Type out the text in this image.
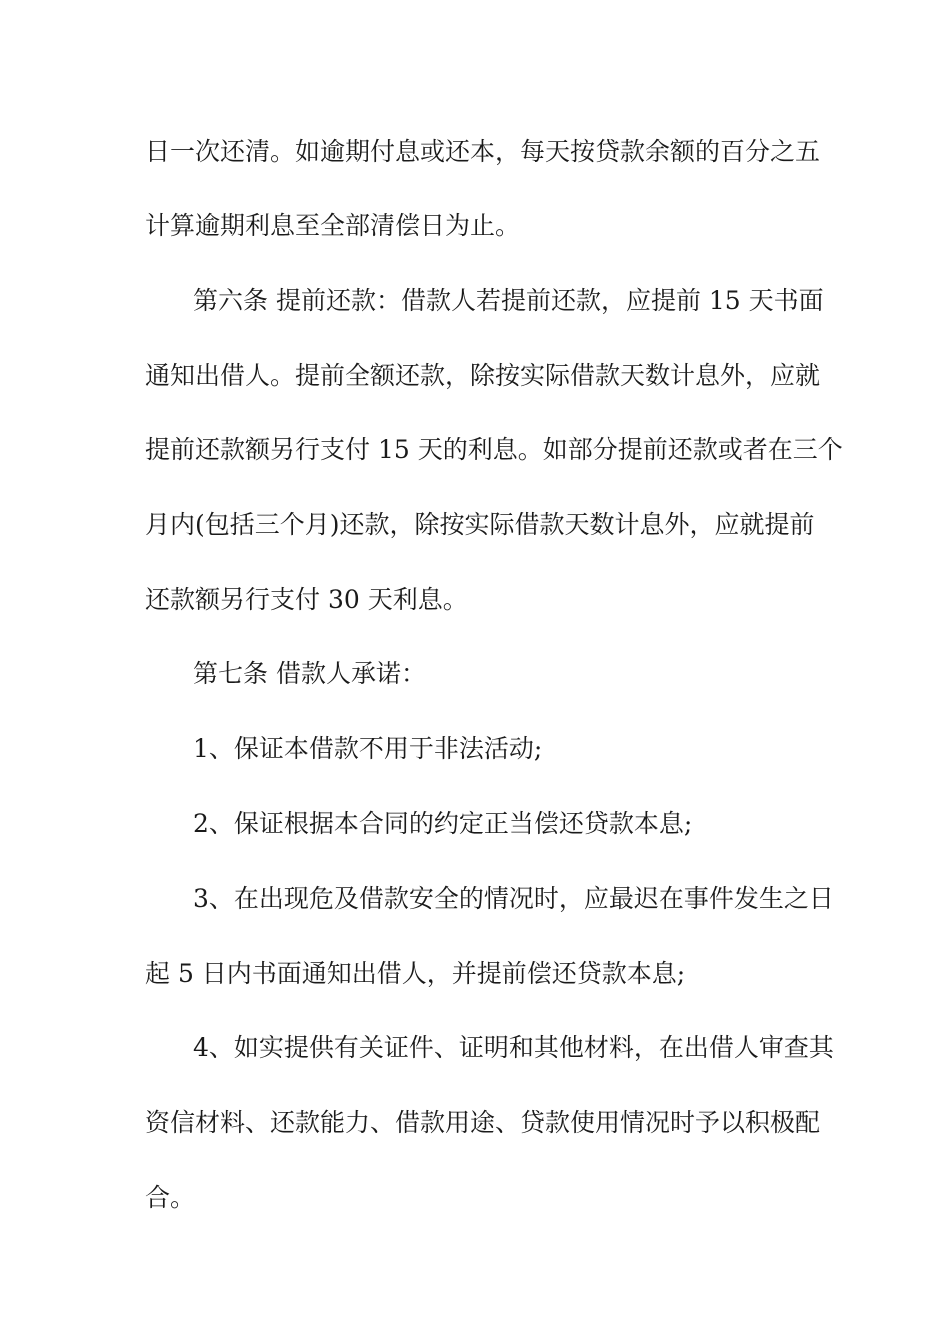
日一次还清。如逾期付息或还本，每天按贷款余额的百分之五
计算逾期利息至全部清偿日为止。
第六条 提前还款：借款人若提前还款，应提前 15 天书面
通知出借人。提前全额还款，除按实际借款天数计息外，应就
提前还款额另行支付 15 天的利息。如部分提前还款或者在三个
月内(包括三个月)还款，除按实际借款天数计息外，应就提前
还款额另行支付 30 天利息。
第七条 借款人承诺：
1、保证本借款不用于非法活动;
2、保证根据本合同的约定正当偿还贷款本息;
3、在出现危及借款安全的情况时，应最迟在事件发生之日
起 5 日内书面通知出借人，并提前偿还贷款本息;
4、如实提供有关证件、证明和其他材料，在出借人审查其
资信材料、还款能力、借款用途、贷款使用情况时予以积极配
合。
